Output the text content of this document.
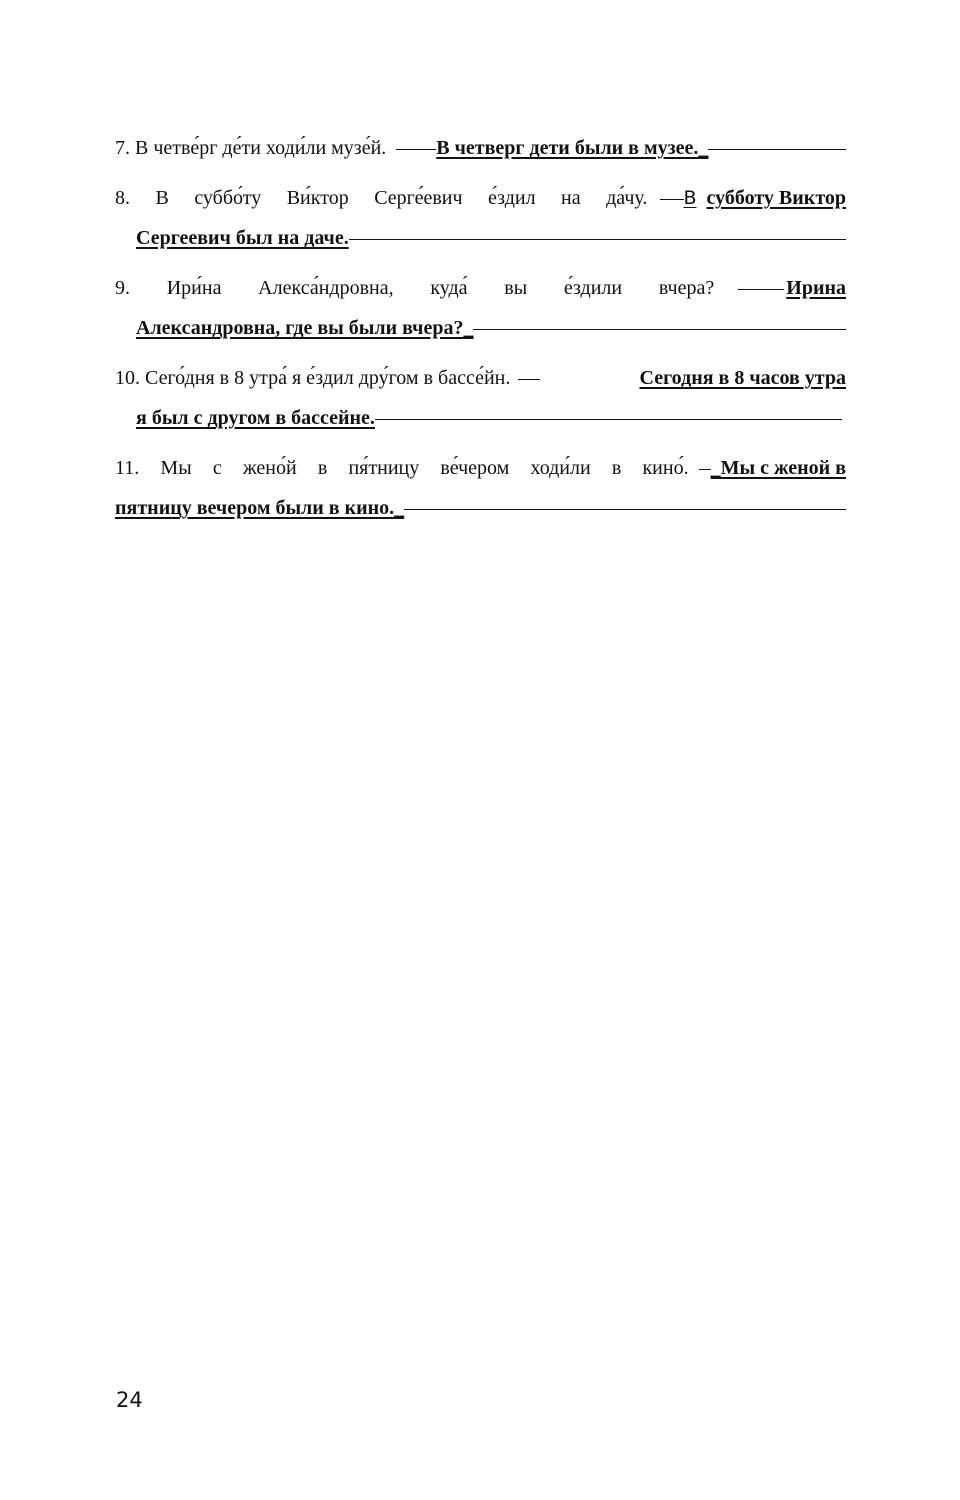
7. В четве́рг де́ти ходи́ли музе́й.	В четверг дети были в музее. _
8. В суббо́ту Ви́ктор Серге́евич е́здил на да́чу. В субботу Виктор
Сергеевич был на даче.
9. Ири́на Алекса́ндровна, куда́ вы е́здили вчера?	Ирина
Александровна, где вы были вчера? _
10. Сего́дня в 8 утра́ я е́здил дру́гом в бассе́йн.	Сегодня в 8 часов утра
я был с другом в бассейне.
11. Мы с жено́й в пя́тницу ве́чером ходи́ли в кино́. _Мы с женой в
пятницу вечером были в кино. _
24
